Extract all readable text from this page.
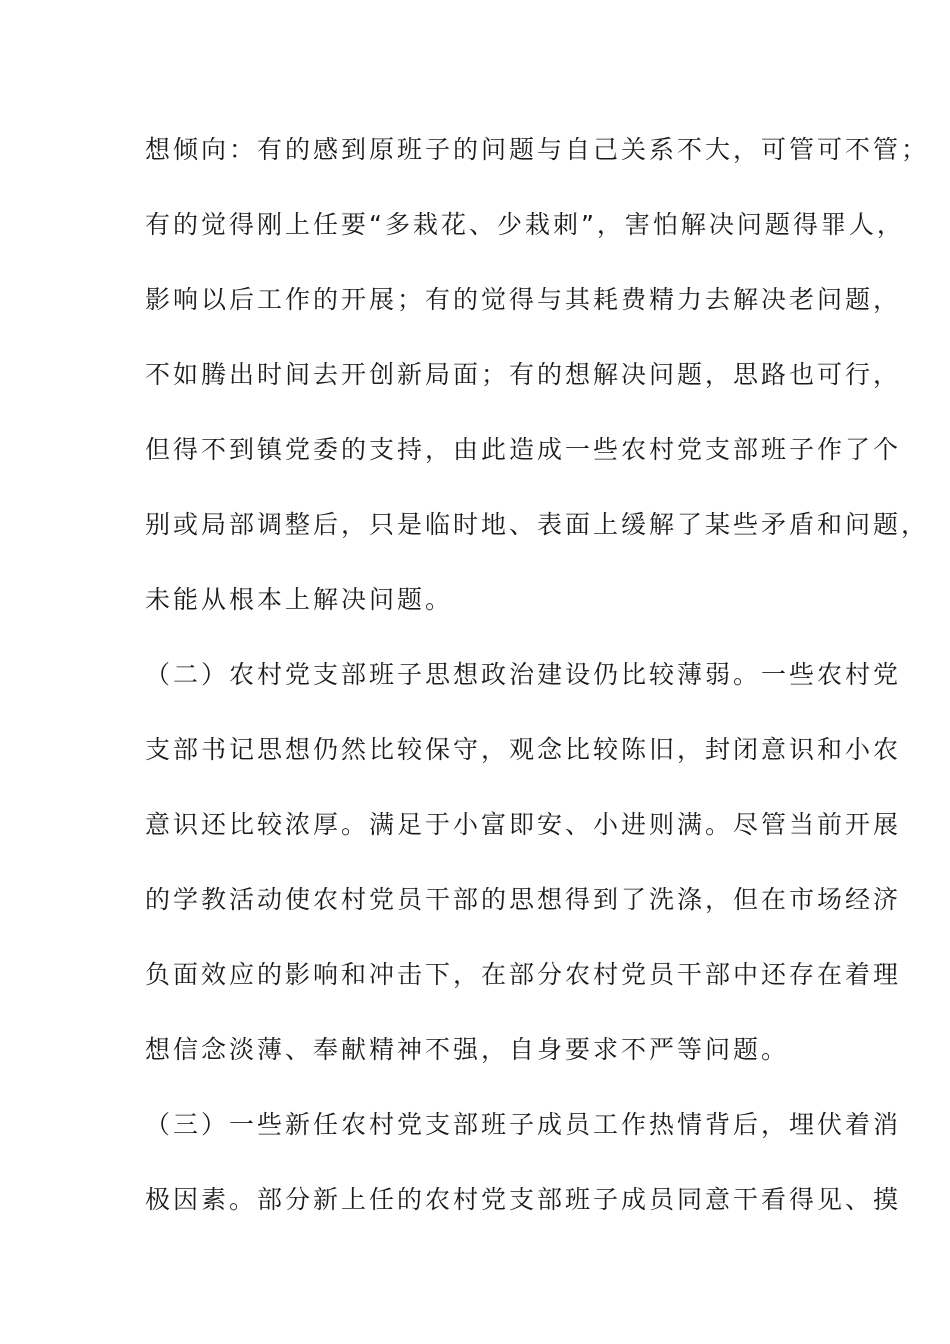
想倾向：有的感到原班子的问题与自己关系不大，可管可不管；
有的觉得刚上任要“多栽花、少栽刺”，害怕解决问题得罪人，
影响以后工作的开展；有的觉得与其耗费精力去解决老问题，
不如腾出时间去开创新局面；有的想解决问题，思路也可行，
但得不到镇党委的支持，由此造成一些农村党支部班子作了个
别或局部调整后，只是临时地、表面上缓解了某些矛盾和问题，
未能从根本上解决问题。
（二）农村党支部班子思想政治建设仍比较薄弱。一些农村党
支部书记思想仍然比较保守，观念比较陈旧，封闭意识和小农
意识还比较浓厚。满足于小富即安、小进则满。尽管当前开展
的学教活动使农村党员干部的思想得到了洗涤，但在市场经济
负面效应的影响和冲击下，在部分农村党员干部中还存在着理
想信念淡薄、奉献精神不强，自身要求不严等问题。
（三）一些新任农村党支部班子成员工作热情背后，埋伏着消
极因素。部分新上任的农村党支部班子成员同意干看得见、摸
